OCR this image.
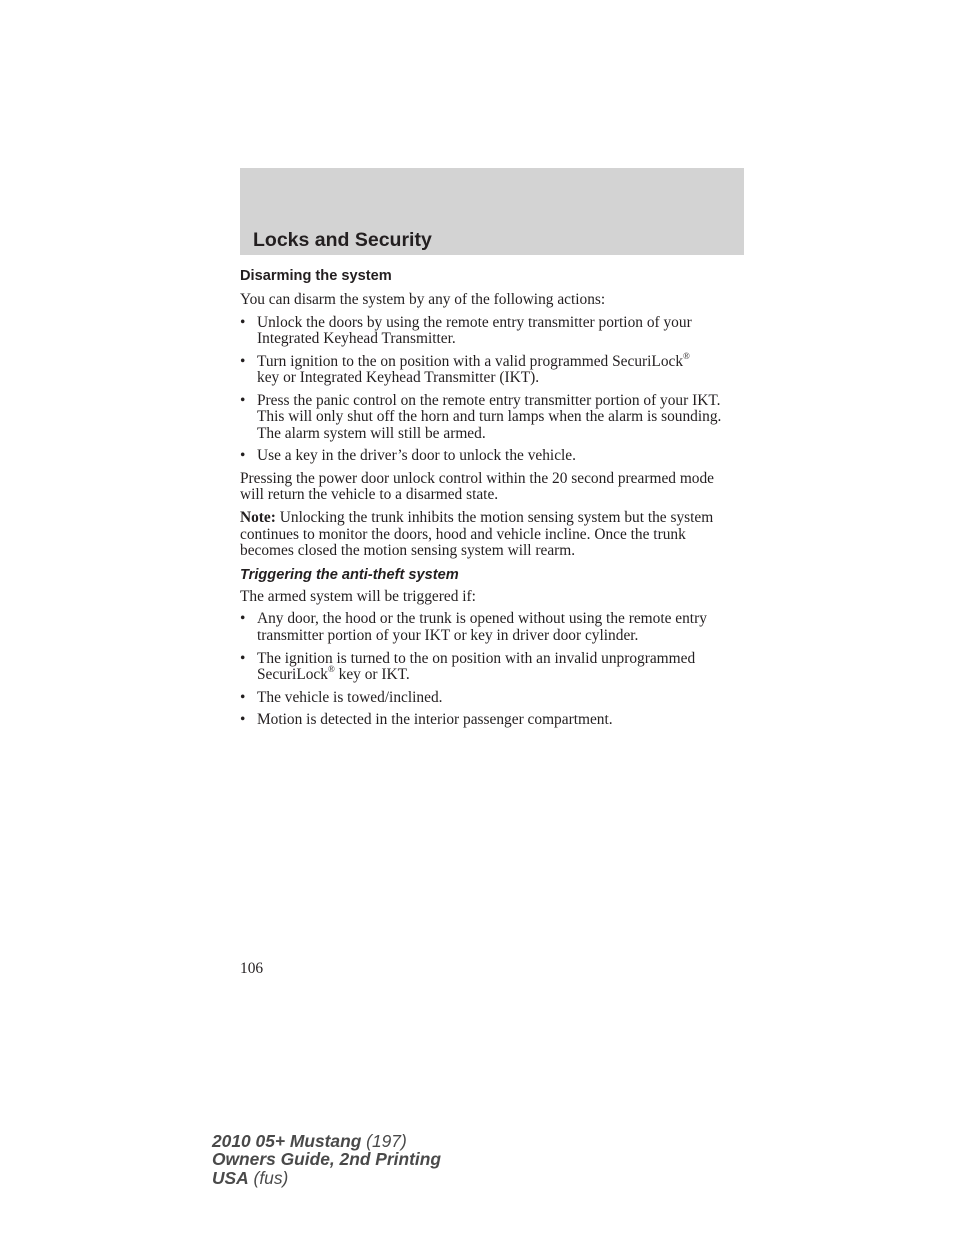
Locks and Security
Disarming the system

You can disarm the system by any of the following actions:

• Unlock the doors by using the remote entry transmitter portion of your Integrated Keyhead Transmitter.
• Turn ignition to the on position with a valid programmed SecuriLock®
key or Integrated Keyhead Transmitter (IKT).
• Press the panic control on the remote entry transmitter portion of your IKT. This will only shut off the horn and turn lamps when the alarm is sounding. The alarm system will still be armed.
• Use a key in the driver’s door to unlock the vehicle.

Pressing the power door unlock control within the 20 second prearmed mode will return the vehicle to a disarmed state.

Note: Unlocking the trunk inhibits the motion sensing system but the system continues to monitor the doors, hood and vehicle incline. Once the trunk becomes closed the motion sensing system will rearm.

Triggering the anti-theft system

The armed system will be triggered if:

• Any door, the hood or the trunk is opened without using the remote entry transmitter portion of your IKT or key in driver door cylinder.
• The ignition is turned to the on position with an invalid unprogrammed SecuriLock® key or IKT.
• The vehicle is towed/inclined.
• Motion is detected in the interior passenger compartment.
106
2010 05+ Mustang (197)
Owners Guide, 2nd Printing
USA (fus)
